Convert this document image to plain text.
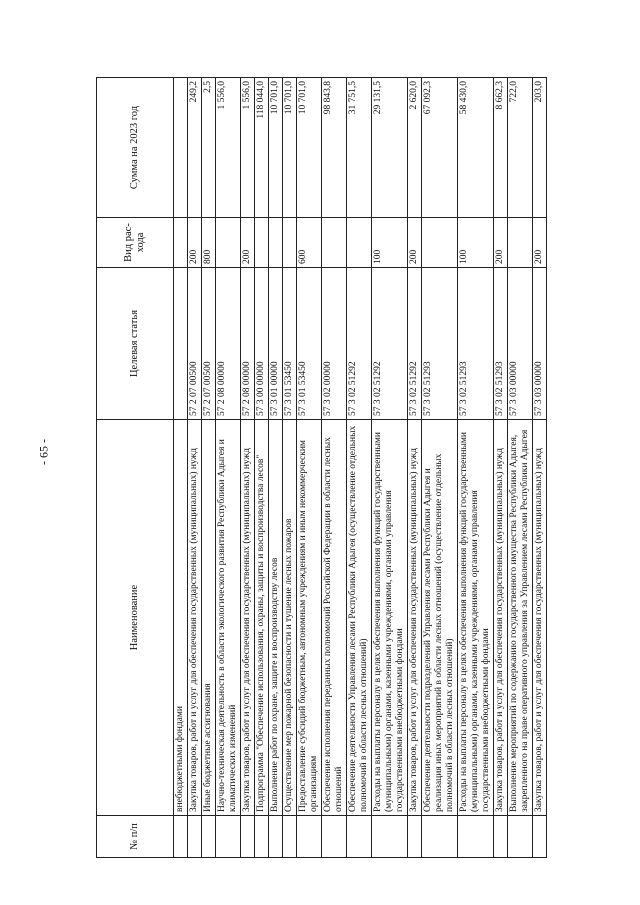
- 65 -
№ п/п	Наименование	Целевая статья	Вид рас- хода	Сумма на 2023 год
	внебюджетными фондами			
	Закупка товаров, работ и услуг для обеспечения государственных (муниципальных) нужд	57 2 07 00500	200	249,2
	Иные бюджетные ассигнования	57 2 07 00500	800	2,5
	Научно-техническая деятельность в области экологического развития Республики Адыгея и климатических изменений	57 2 08 00000		1 556,0
	Закупка товаров, работ и услуг для обеспечения государственных (муниципальных) нужд	57 2 08 00000	200	1 556,0
	Подпрограмма "Обеспечение использования, охраны, защиты и воспроизводства лесов"	57 3 00 00000		118 044,0
	Выполнение работ по охране, защите и воспроизводству лесов	57 3 01 00000		10 701,0
	Осуществление мер пожарной безопасности и тушение лесных пожаров	57 3 01 53450		10 701,0
	Предоставление субсидий бюджетным, автономным учреждениям и иным некоммерческим организациям	57 3 01 53450	600	10 701,0
	Обеспечение исполнения переданных полномочий Российской Федерации в области лесных отношений	57 3 02 00000		98 843,8
	Обеспечение деятельности Управления лесами Республики Адыгея (осуществление отдельных полномочий в области лесных отношений)	57 3 02 51292		31 751,5
	Расходы на выплаты персоналу в целях обеспечения выполнения функций государственными (муниципальными) органами, казенными учреждениями, органами управления государственными внебюджетными фондами	57 3 02 51292	100	29 131,5
	Закупка товаров, работ и услуг для обеспечения государственных (муниципальных) нужд	57 3 02 51292	200	2 620,0
	Обеспечение деятельности подразделений Управления лесами Республики Адыгея и реализация иных мероприятий в области лесных отношений (осуществление отдельных полномочий в области лесных отношений)	57 3 02 51293		67 092,3
	Расходы на выплаты персоналу в целях обеспечения выполнения функций государственными (муниципальными) органами, казенными учреждениями, органами управления государственными внебюджетными фондами	57 3 02 51293	100	58 430,0
	Закупка товаров, работ и услуг для обеспечения государственных (муниципальных) нужд	57 3 02 51293	200	8 662,3
	Выполнение мероприятий по содержанию государственного имущества Республики Адыгея, закрепленного на праве оперативного управления за Управлением лесами Республики Адыгея	57 3 03 00000		722,0
	Закупка товаров, работ и услуг для обеспечения государственных (муниципальных) нужд	57 3 03 00000	200	203,0
